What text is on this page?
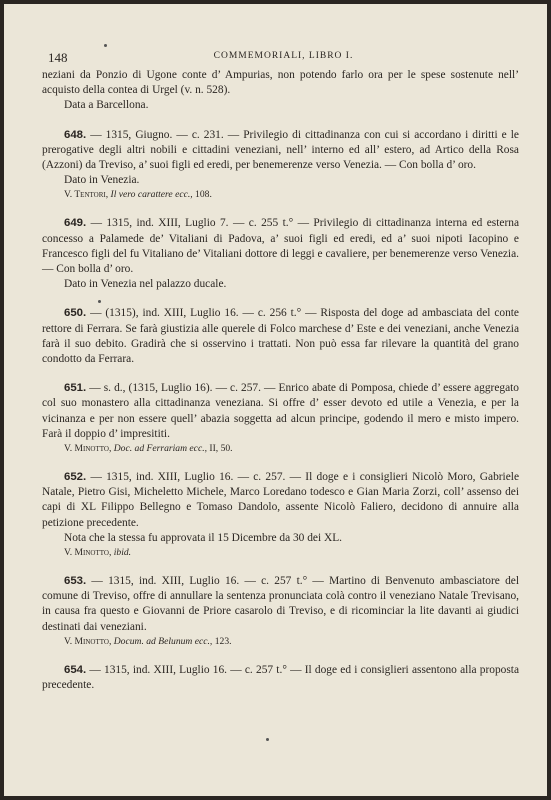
148	COMMEMORIALI, LIBRO I.

neziani da Ponzio di Ugone conte d’ Ampurias, non potendo farlo ora per le spese sostenute nell’ acquisto della contea di Urgel (v. n. 528).

Data a Barcellona.

648. — 1315, Giugno. — c. 231. — Privilegio di cittadinanza con cui si accordano i diritti e le prerogative degli altri nobili e cittadini veneziani, nell’ interno ed all’ estero, ad Artico della Rosa (Azzoni) da Treviso, a’ suoi figli ed eredi, per benemerenze verso Venezia. — Con bolla d’ oro.

Dato in Venezia.

V. Tentori, Il vero carattere ecc., 108.

649. — 1315, ind. XIII, Luglio 7. — c. 255 t.° — Privilegio di cittadinanza interna ed esterna concesso a Palamede de’ Vitaliani di Padova, a’ suoi figli ed eredi, ed a’ suoi nipoti Iacopino e Francesco figli del fu Vitaliano de’ Vitaliani dottore di leggi e cavaliere, per benemerenze verso Venezia. — Con bolla d’ oro.

Dato in Venezia nel palazzo ducale.

650. — (1315), ind. XIII, Luglio 16. — c. 256 t.° — Risposta del doge ad ambasciata del conte rettore di Ferrara. Se farà giustizia alle querele di Folco marchese d’ Este e dei veneziani, anche Venezia farà il suo debito. Gradirà che si osservino i trattati. Non può essa far rilevare la quantità del grano condotto da Ferrara.

651. — s. d., (1315, Luglio 16). — c. 257. — Enrico abate di Pomposa, chiede d’ essere aggregato col suo monastero alla cittadinanza veneziana. Si offre d’ esser devoto ed utile a Venezia, e per la vicinanza e per non essere quell’ abazia soggetta ad alcun principe, godendo il mero e misto impero. Farà il doppio d’ impresititi.

V. Minotto, Doc. ad Ferrariam ecc., II, 50.

652. — 1315, ind. XIII, Luglio 16. — c. 257. — Il doge e i consiglieri Nicolò Moro, Gabriele Natale, Pietro Gisi, Micheletto Michele, Marco Loredano todesco e Gian Maria Zorzi, coll’ assenso dei capi di XL Filippo Bellegno e Tomaso Dandolo, assente Nicolò Faliero, decidono di annuire alla petizione precedente.

Nota che la stessa fu approvata il 15 Dicembre da 30 dei XL.

V. Minotto, ibid.

653. — 1315, ind. XIII, Luglio 16. — c. 257 t.° — Martino di Benvenuto ambasciatore del comune di Treviso, offre di annullare la sentenza pronunciata colà contro il veneziano Natale Trevisano, in causa fra questo e Giovanni de Priore casarolo di Treviso, e di ricominciar la lite davanti ai giudici destinati dai veneziani.

V. Minotto, Docum. ad Belunum ecc., 123.

654. — 1315, ind. XIII, Luglio 16. — c. 257 t.° — Il doge ed i consiglieri assentono alla proposta precedente.
